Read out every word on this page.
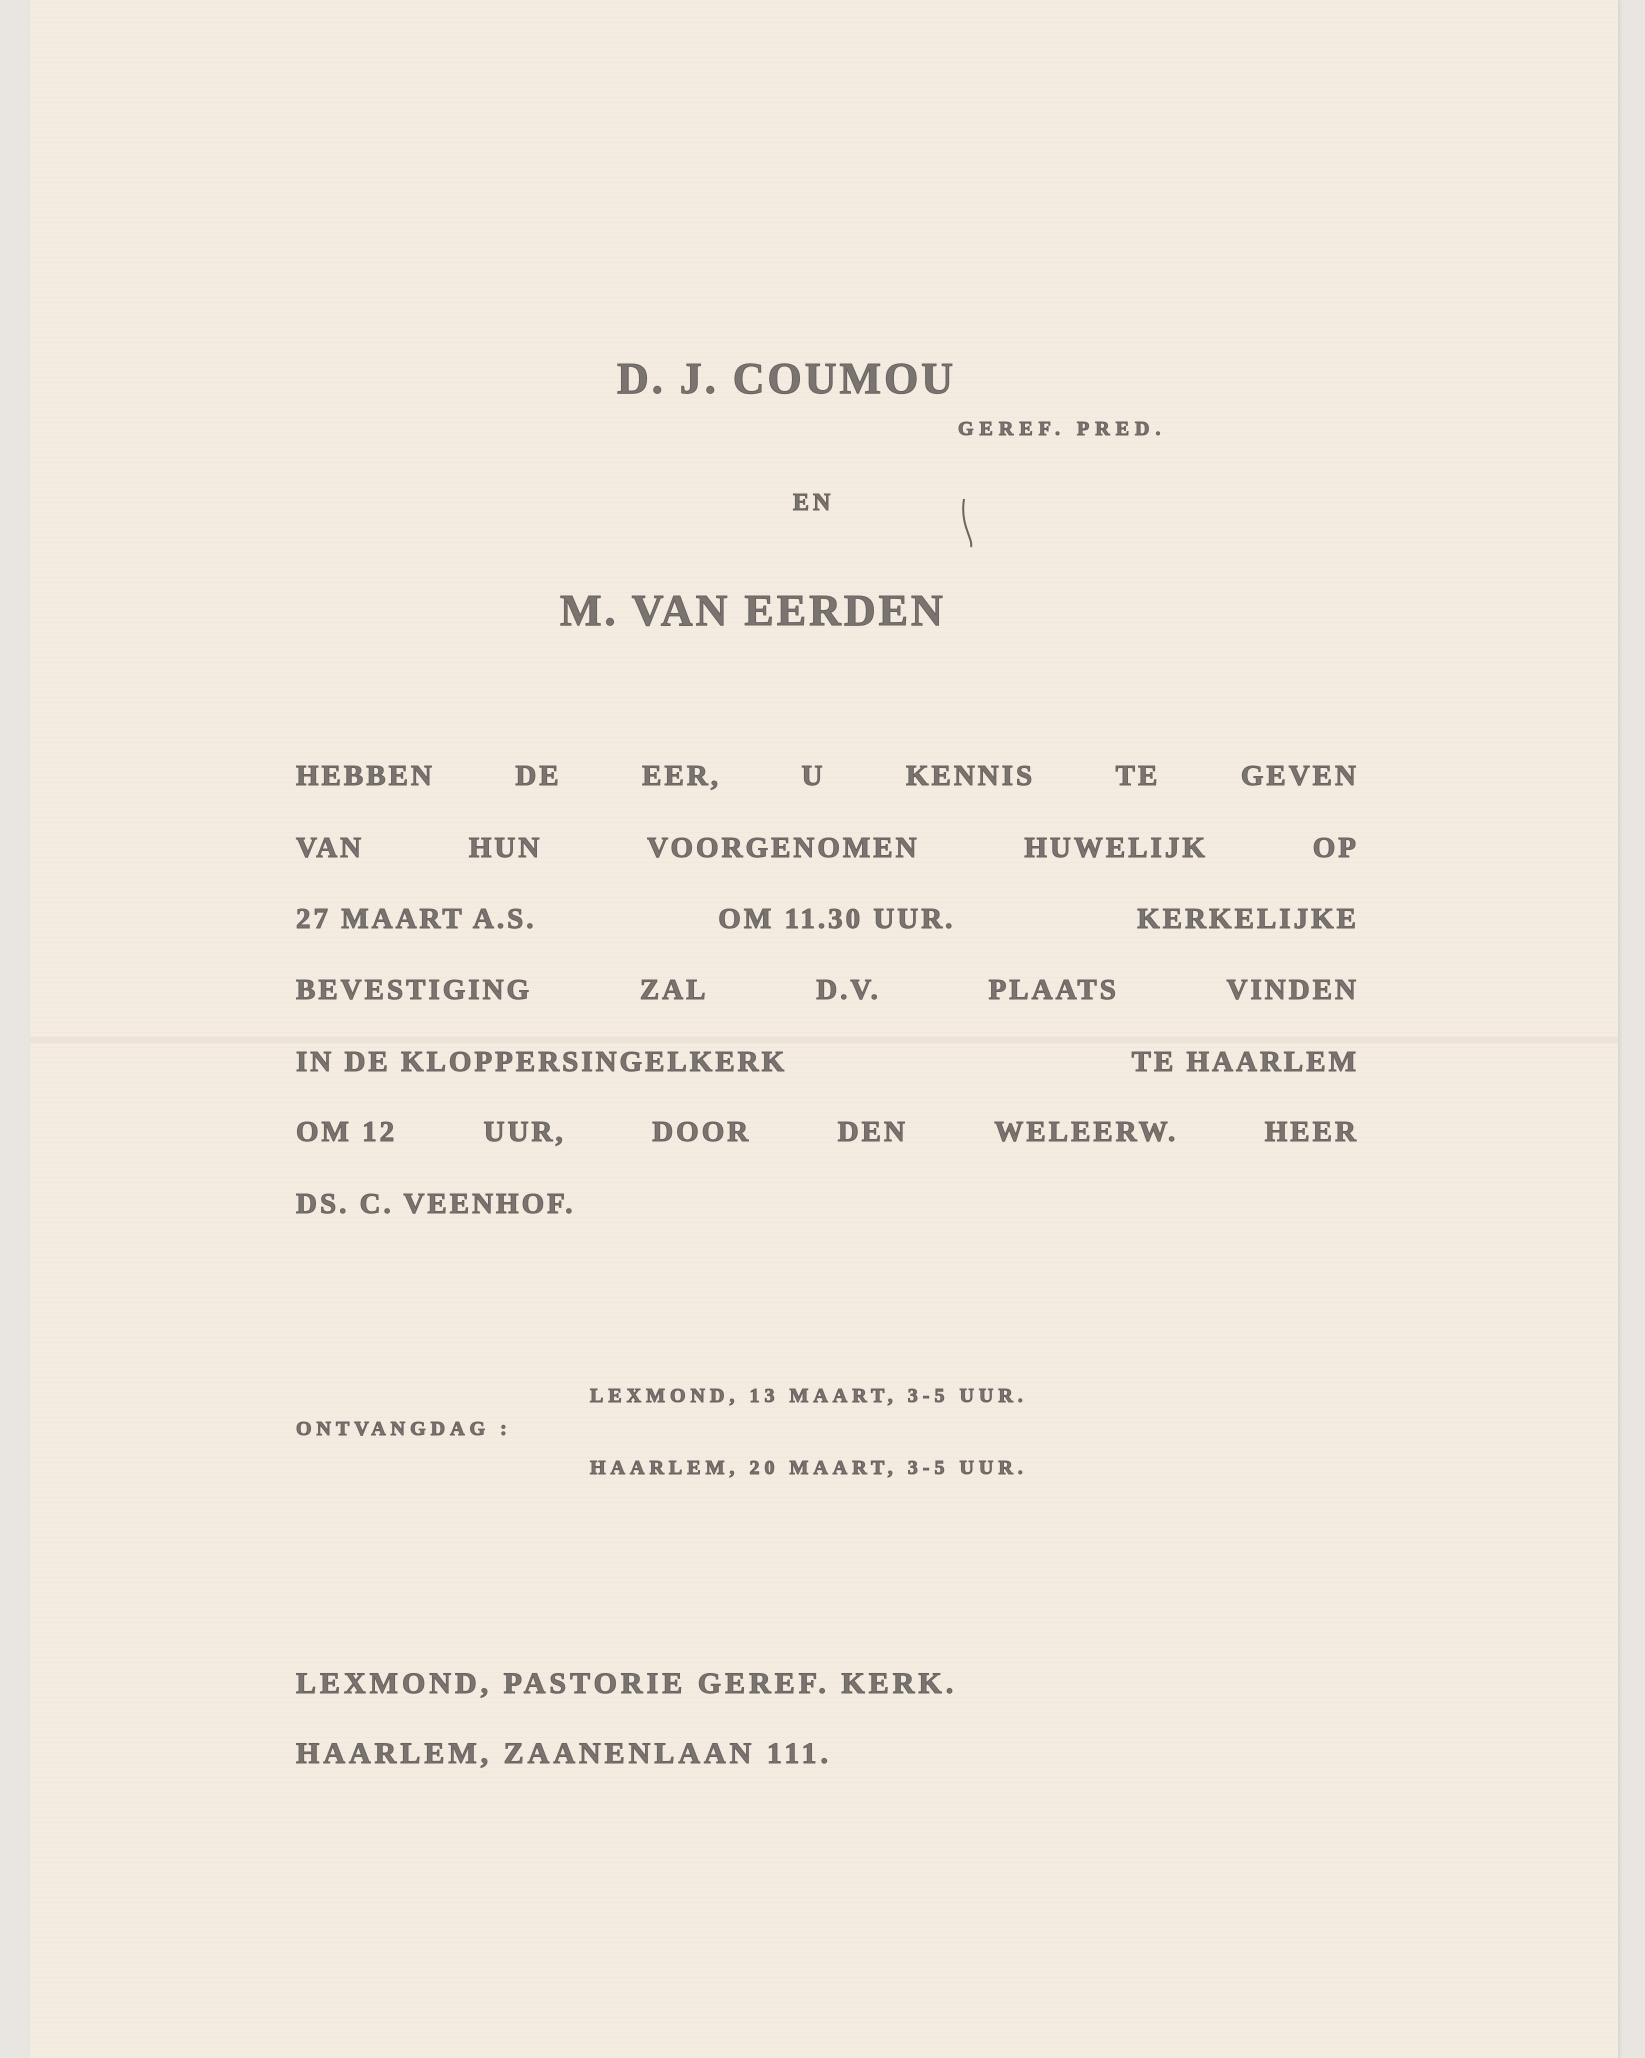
D. J. COUMOU
GEREF. PRED.
EN
M. VAN EERDEN
HEBBEN	DE	EER,	U	KENNIS	TE	GEVEN
VAN	HUN	VOORGENOMEN	HUWELIJK	OP
27 MAART A.S.	OM 11.30 UUR.	KERKELIJKE
BEVESTIGING	ZAL	D.V.	PLAATS	VINDEN
IN DE KLOPPERSINGELKERK	TE HAARLEM
OM 12	UUR,	DOOR	DEN	WELEERW.	HEER
DS. C. VEENHOF.
ONTVANGDAG :
LEXMOND, 13 MAART, 3-5 UUR.
HAARLEM, 20 MAART, 3-5 UUR.
LEXMOND, PASTORIE GEREF. KERK.
HAARLEM, ZAANENLAAN 111.
